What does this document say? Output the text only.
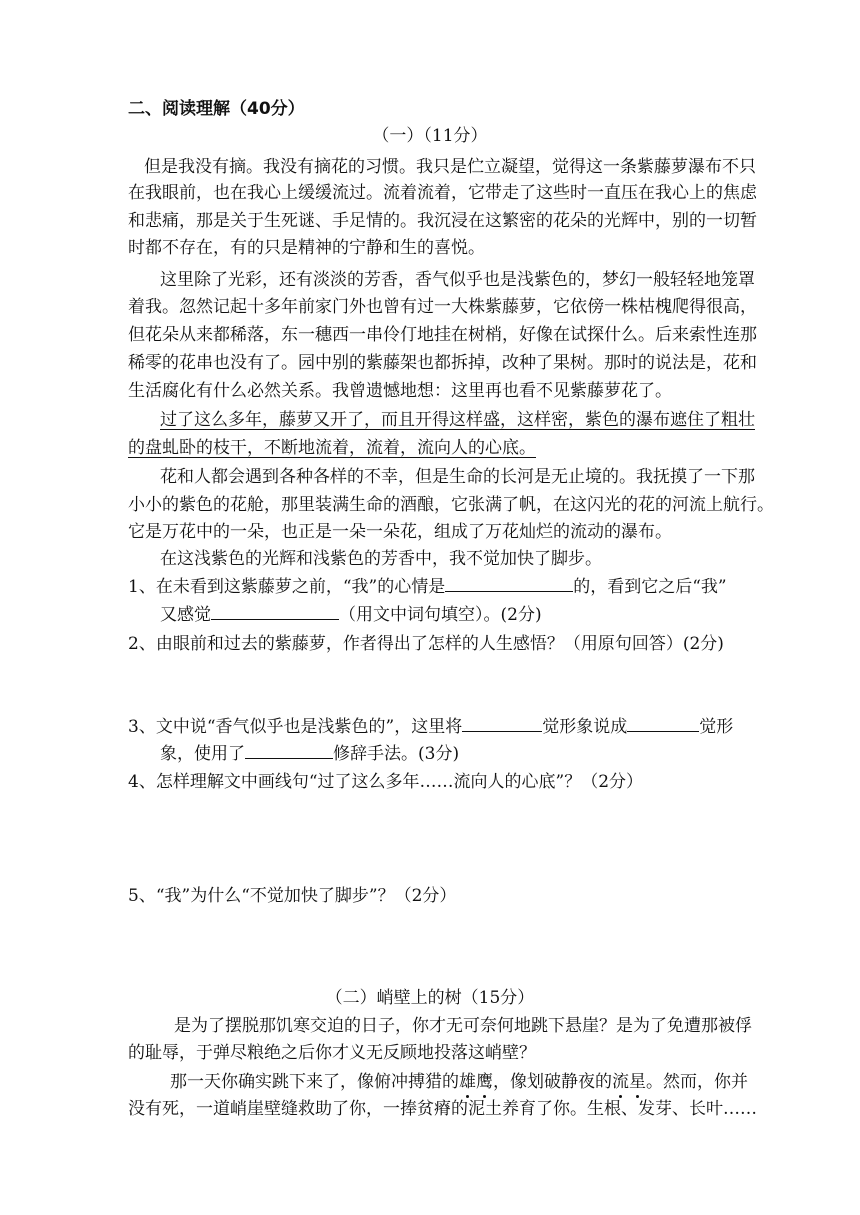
二、阅读理解（40分）
（一）（11分）
但是我没有摘。我没有摘花的习惯。我只是伫立凝望，觉得这一条紫藤萝瀑布不只
在我眼前，也在我心上缓缓流过。流着流着，它带走了这些时一直压在我心上的焦虑
和悲痛，那是关于生死谜、手足情的。我沉浸在这繁密的花朵的光辉中，别的一切暂
时都不存在，有的只是精神的宁静和生的喜悦。
这里除了光彩，还有淡淡的芳香，香气似乎也是浅紫色的，梦幻一般轻轻地笼罩
着我。忽然记起十多年前家门外也曾有过一大株紫藤萝，它依傍一株枯槐爬得很高，
但花朵从来都稀落，东一穗西一串伶仃地挂在树梢，好像在试探什么。后来索性连那
稀零的花串也没有了。园中别的紫藤架也都拆掉，改种了果树。那时的说法是，花和
生活腐化有什么必然关系。我曾遗憾地想：这里再也看不见紫藤萝花了。
过了这么多年，藤萝又开了，而且开得这样盛，这样密，紫色的瀑布遮住了粗壮
的盘虬卧的枝干，不断地流着，流着，流向人的心底。
花和人都会遇到各种各样的不幸，但是生命的长河是无止境的。我抚摸了一下那
小小的紫色的花舱，那里装满生命的酒酿，它张满了帆，在这闪光的花的河流上航行。
它是万花中的一朵，也正是一朵一朵花，组成了万花灿烂的流动的瀑布。
在这浅紫色的光辉和浅紫色的芳香中，我不觉加快了脚步。
1、在未看到这紫藤萝之前，“我”的心情是	的，看到它之后“我”
又感觉	（用文中词句填空）。(2分)
2、由眼前和过去的紫藤萝，作者得出了怎样的人生感悟？（用原句回答）(2分)
3、文中说“香气似乎也是浅紫色的”，这里将	觉形象说成	觉形
象，使用了	修辞手法。(3分)
4、怎样理解文中画线句“过了这么多年……流向人的心底”？（2分）
5、“我”为什么“不觉加快了脚步”？（2分）
（二）峭壁上的树（15分）
是为了摆脱那饥寒交迫的日子，你才无可奈何地跳下悬崖？是为了免遭那被俘
的耻辱，于弹尽粮绝之后你才义无反顾地投落这峭壁？
那一天你确实跳下来了，像俯冲搏猎的雄鹰，像划破静夜的流星。然而，你并
没有死，一道峭崖壁缝救助了你，一捧贫瘠的泥土养育了你。生根、发芽、长叶……
